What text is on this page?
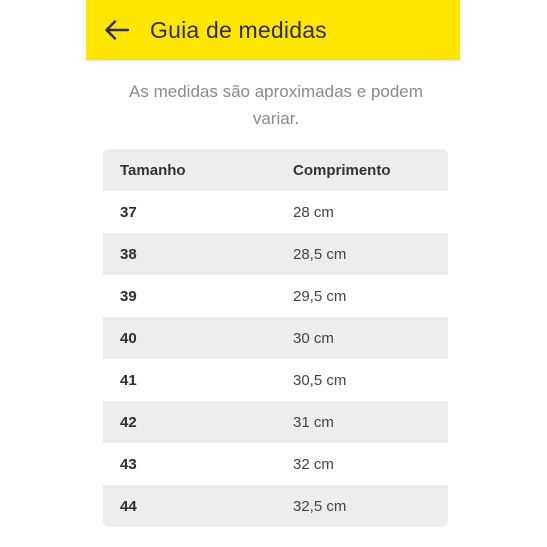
Guia de medidas
As medidas são aproximadas e podem
variar.
Tamanho	Comprimento
37	28 cm
38	28,5 cm
39	29,5 cm
40	30 cm
41	30,5 cm
42	31 cm
43	32 cm
44	32,5 cm
